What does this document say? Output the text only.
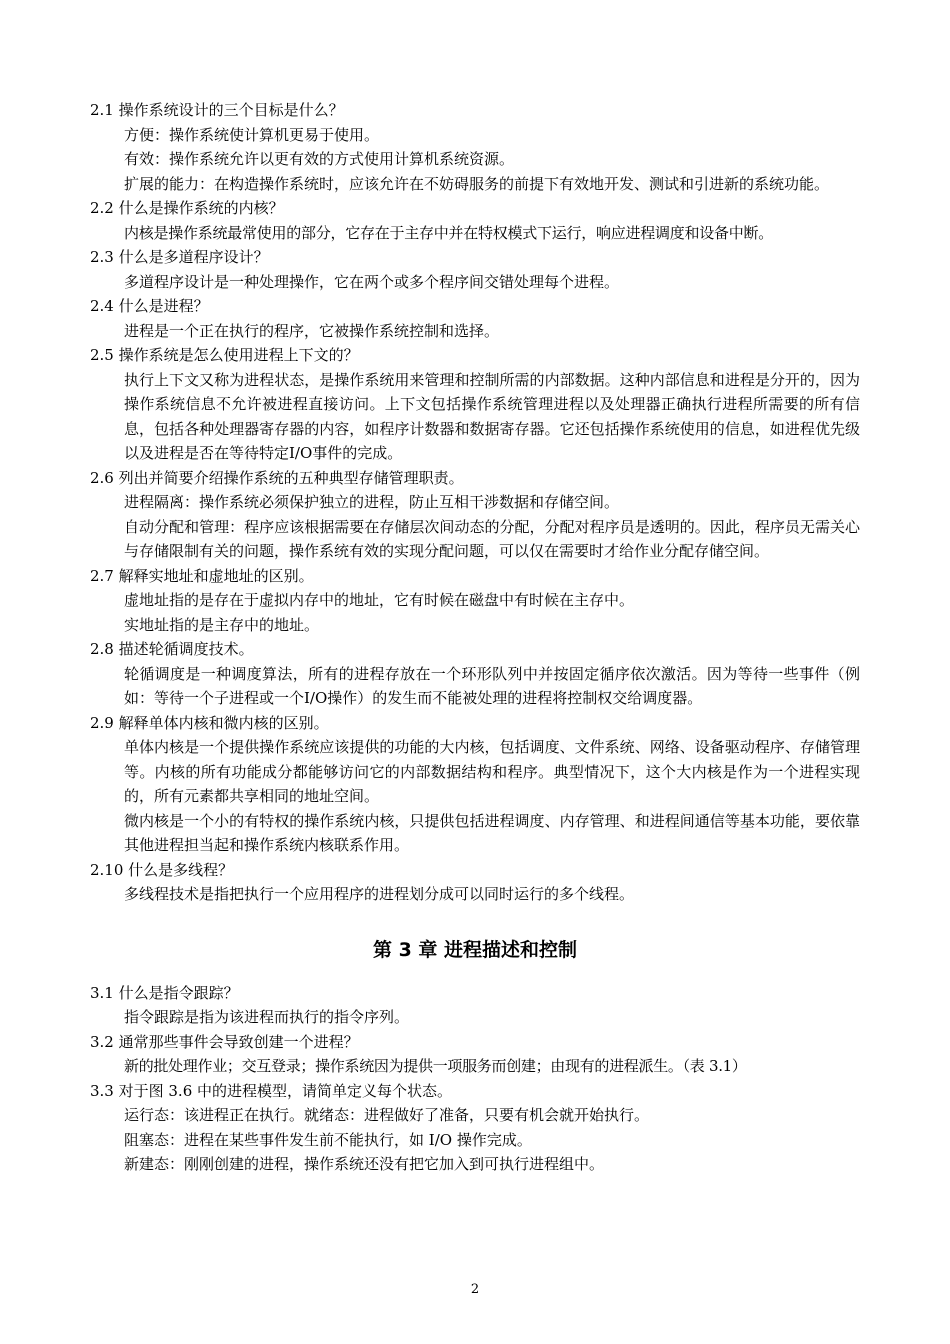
2.1 操作系统设计的三个目标是什么？

方便：操作系统使计算机更易于使用。

有效：操作系统允许以更有效的方式使用计算机系统资源。

扩展的能力：在构造操作系统时，应该允许在不妨碍服务的前提下有效地开发、测试和引进新的系统功能。

2.2 什么是操作系统的内核？

内核是操作系统最常使用的部分，它存在于主存中并在特权模式下运行，响应进程调度和设备中断。

2.3 什么是多道程序设计？

多道程序设计是一种处理操作，它在两个或多个程序间交错处理每个进程。

2.4 什么是进程？

进程是一个正在执行的程序，它被操作系统控制和选择。

2.5 操作系统是怎么使用进程上下文的？

执行上下文又称为进程状态，是操作系统用来管理和控制所需的内部数据。这种内部信息和进程是分开的，因为操作系统信息不允许被进程直接访问。上下文包括操作系统管理进程以及处理器正确执行进程所需要的所有信息，包括各种处理器寄存器的内容，如程序计数器和数据寄存器。它还包括操作系统使用的信息，如进程优先级以及进程是否在等待特定I/O事件的完成。

2.6 列出并简要介绍操作系统的五种典型存储管理职责。

进程隔离：操作系统必须保护独立的进程，防止互相干涉数据和存储空间。

自动分配和管理：程序应该根据需要在存储层次间动态的分配，分配对程序员是透明的。因此，程序员无需关心与存储限制有关的问题，操作系统有效的实现分配问题，可以仅在需要时才给作业分配存储空间。

2.7 解释实地址和虚地址的区别。

虚地址指的是存在于虚拟内存中的地址，它有时候在磁盘中有时候在主存中。

实地址指的是主存中的地址。

2.8 描述轮循调度技术。

轮循调度是一种调度算法，所有的进程存放在一个环形队列中并按固定循序依次激活。因为等待一些事件（例如：等待一个子进程或一个I/O操作）的发生而不能被处理的进程将控制权交给调度器。

2.9 解释单体内核和微内核的区别。

单体内核是一个提供操作系统应该提供的功能的大内核，包括调度、文件系统、网络、设备驱动程序、存储管理等。内核的所有功能成分都能够访问它的内部数据结构和程序。典型情况下，这个大内核是作为一个进程实现的，所有元素都共享相同的地址空间。

微内核是一个小的有特权的操作系统内核，只提供包括进程调度、内存管理、和进程间通信等基本功能，要依靠其他进程担当起和操作系统内核联系作用。

2.10 什么是多线程？

多线程技术是指把执行一个应用程序的进程划分成可以同时运行的多个线程。

第 3 章 进程描述和控制

3.1 什么是指令跟踪？

指令跟踪是指为该进程而执行的指令序列。

3.2 通常那些事件会导致创建一个进程？

新的批处理作业；交互登录；操作系统因为提供一项服务而创建；由现有的进程派生。（表 3.1）

3.3 对于图 3.6 中的进程模型，请简单定义每个状态。

运行态：该进程正在执行。就绪态：进程做好了准备，只要有机会就开始执行。

阻塞态：进程在某些事件发生前不能执行，如 I/O 操作完成。

新建态：刚刚创建的进程，操作系统还没有把它加入到可执行进程组中。

2
